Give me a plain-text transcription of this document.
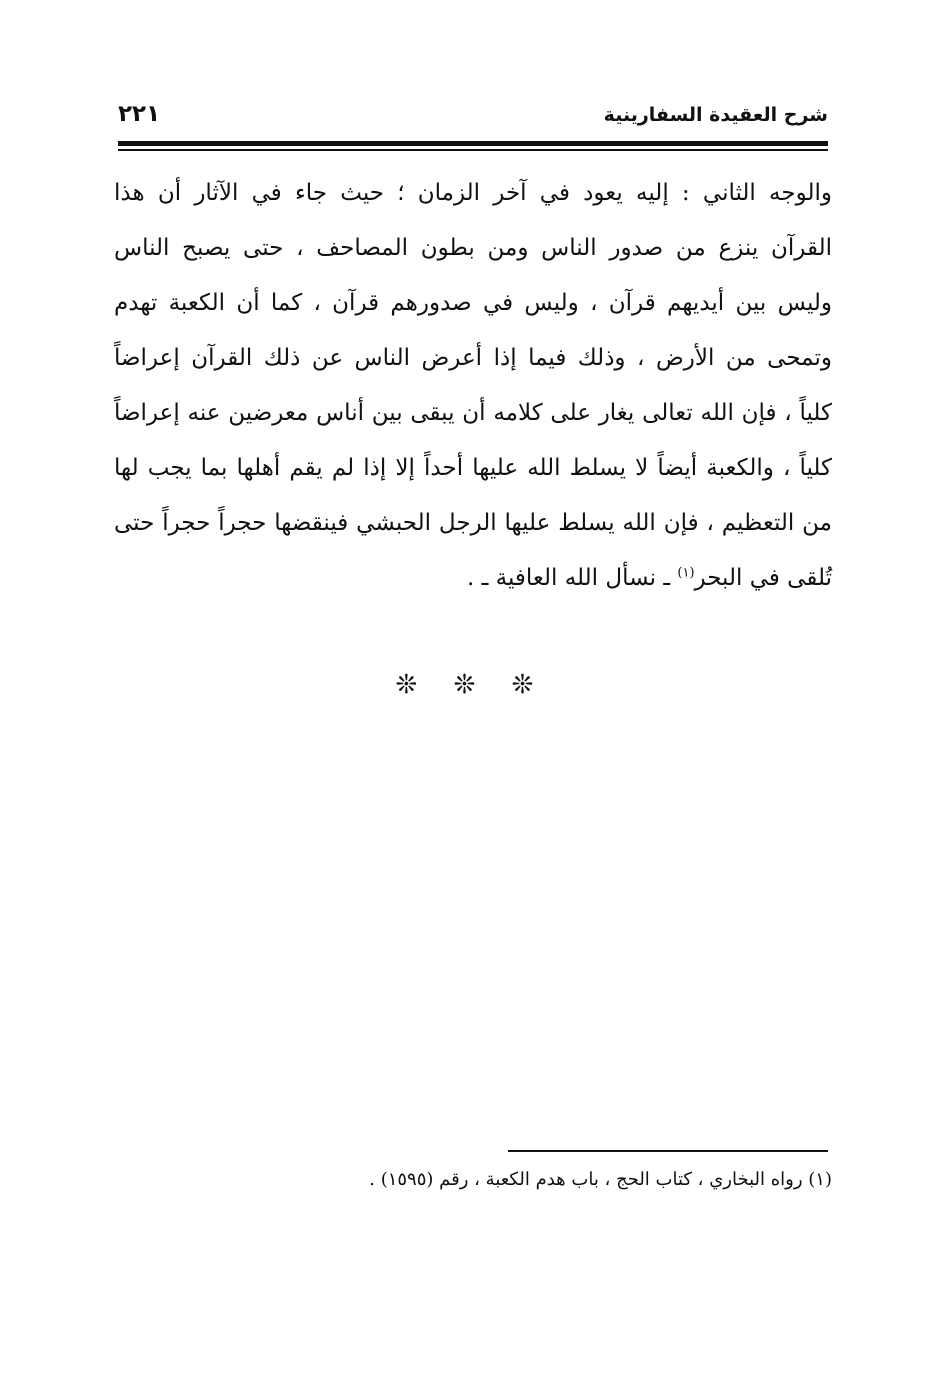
شرح العقيدة السفارينية
٢٢١
والوجه الثاني : إليه يعود في آخر الزمان ؛ حيث جاء في الآثار أن هذا
القرآن ينزع من صدور الناس ومن بطون المصاحف ، حتى يصبح الناس
وليس بين أيديهم قرآن ، وليس في صدورهم قرآن ، كما أن الكعبة تهدم
وتمحى من الأرض ، وذلك فيما إذا أعرض الناس عن ذلك القرآن إعراضاً
كلياً ، فإن الله تعالى يغار على كلامه أن يبقى بين أناس معرضين عنه إعراضاً
كلياً ، والكعبة أيضاً لا يسلط الله عليها أحداً إلا إذا لم يقم أهلها بما يجب لها
من التعظيم ، فإن الله يسلط عليها الرجل الحبشي فينقضها حجراً حجراً حتى
تُلقى في البحر$^{(١)}$ ـ نسأل الله العافية ـ .
❊ ❊ ❊
(١) رواه البخاري ، كتاب الحج ، باب هدم الكعبة ، رقم (١٥٩٥) .
